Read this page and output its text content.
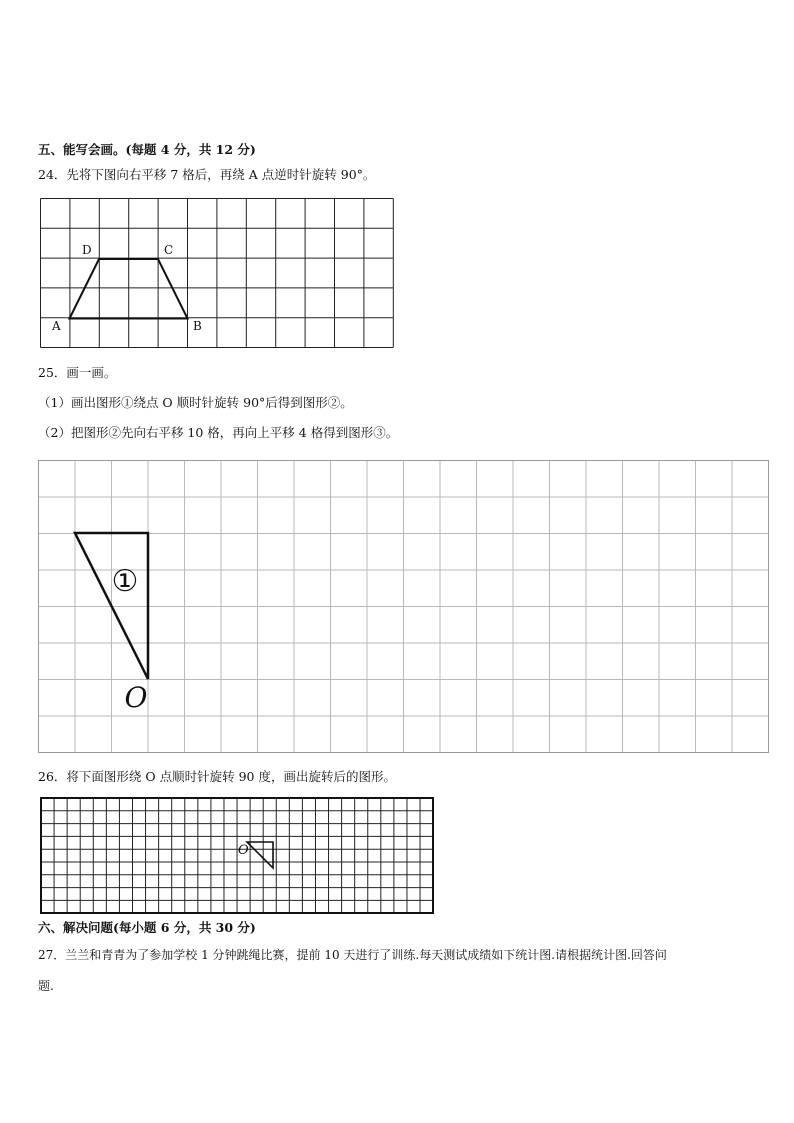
五、能写会画。(每题 4 分，共 12 分)
24．先将下图向右平移 7 格后，再绕 A 点逆时针旋转 90°。
A	B
C
D
25．画一画。
（1）画出图形①绕点 O 顺时针旋转 90°后得到图形②。
（2）把图形②先向右平移 10 格，再向上平移 4 格得到图形③。
①
O
26．将下面图形绕 O 点顺时针旋转 90 度，画出旋转后的图形。
O
六、解决问题(每小题 6 分，共 30 分)
27．兰兰和青青为了参加学校 1 分钟跳绳比赛，提前 10 天进行了训练.每天测试成绩如下统计图.请根据统计图.回答问
题.
